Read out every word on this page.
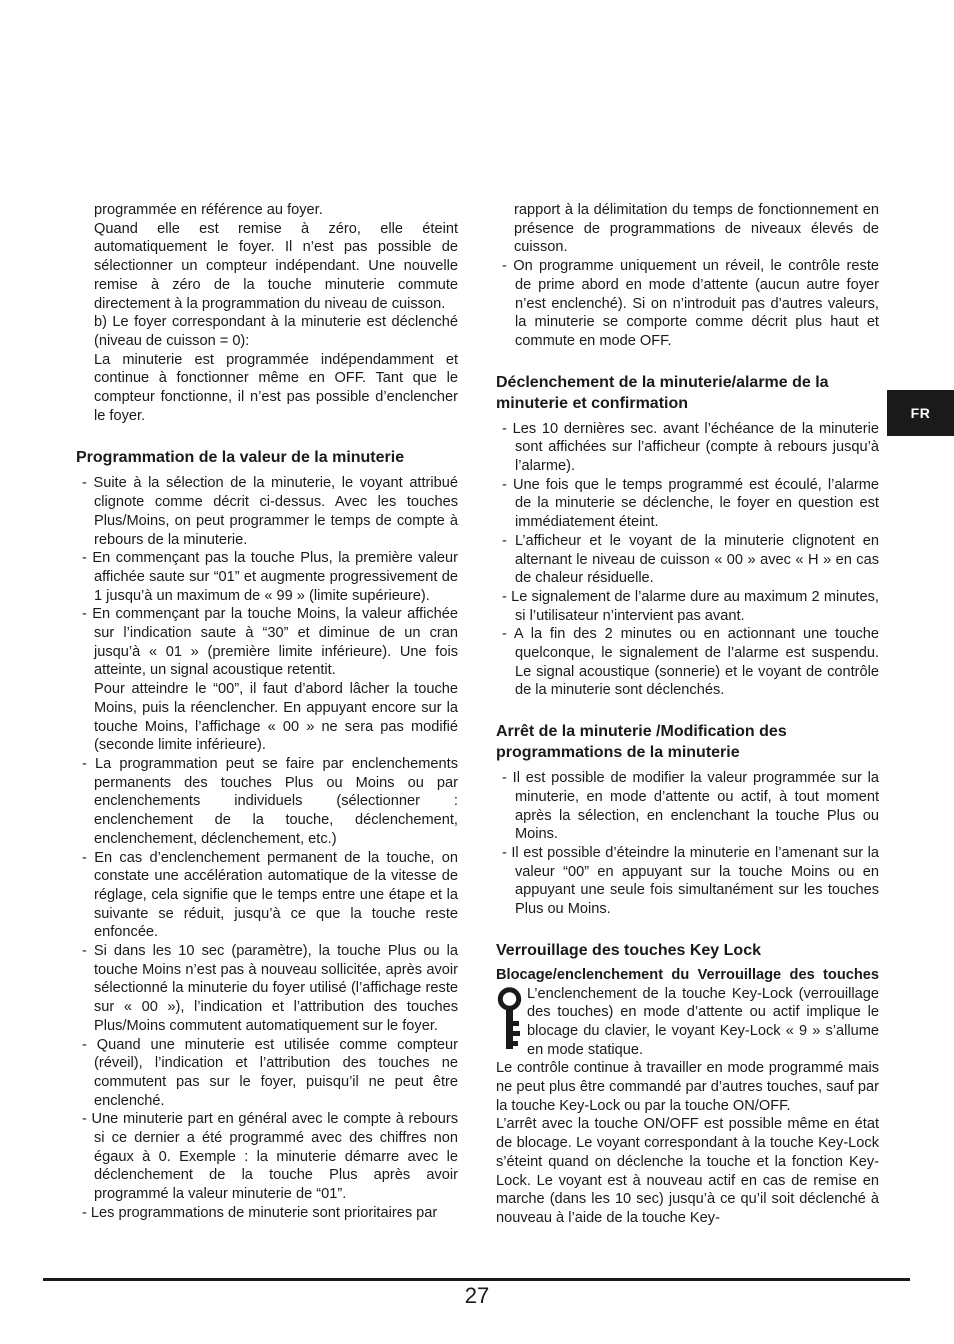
programmée en référence au foyer.

Quand elle est remise à zéro, elle éteint automatiquement le foyer. Il n’est pas possible de sélectionner un compteur indépendant. Une nouvelle remise à zéro de la touche minuterie commute directement à la programmation du niveau de cuisson.

b) Le foyer correspondant à la minuterie est déclenché (niveau de cuisson = 0):

La minuterie est programmée indépendamment et continue à fonctionner même en OFF. Tant que le compteur fonctionne, il n’est pas possible d’enclencher le foyer.

Programmation de la valeur de la minuterie

- Suite à la sélection de la minuterie, le voyant attribué clignote comme décrit ci-dessus. Avec les touches Plus/Moins, on peut programmer le temps de compte à rebours de la minuterie.

- En commençant pas la touche Plus, la première valeur affichée saute sur “01” et augmente progressivement de 1 jusqu’à un maximum de « 99 » (limite supérieure).

- En commençant par la touche Moins, la valeur affichée sur l’indication saute à “30” et diminue de un cran jusqu’à « 01 » (première limite inférieure). Une fois atteinte, un signal acoustique retentit.

Pour atteindre le “00”, il faut d’abord lâcher la touche Moins, puis la réenclencher. En appuyant encore sur la touche Moins, l’affichage « 00 » ne sera pas modifié (seconde limite inférieure).

- La programmation peut se faire par enclenchements permanents des touches Plus ou Moins ou par enclenchements individuels (sélectionner : enclenchement de la touche, déclenchement, enclenchement, déclenchement, etc.)

- En cas d’enclenchement permanent de la touche, on constate une accélération automatique de la vitesse de réglage, cela signifie que le temps entre une étape et la suivante se réduit, jusqu’à ce que la touche reste enfoncée.

- Si dans les 10 sec (paramètre), la touche Plus ou la touche Moins n’est pas à nouveau sollicitée, après avoir sélectionné la minuterie du foyer utilisé (l’affichage reste sur « 00 »), l’indication et l’attribution des touches Plus/Moins commutent automatiquement sur le foyer.

- Quand une minuterie est utilisée comme compteur (réveil), l’indication et l’attribution des touches ne commutent pas sur le foyer, puisqu’il ne peut être enclenché.

- Une minuterie part en général avec le compte à rebours si ce dernier a été programmé avec des chiffres non égaux à 0. Exemple : la minuterie démarre avec le déclenchement de la touche Plus après avoir programmé la valeur minuterie de “01”.

- Les programmations de minuterie sont prioritaires par

rapport à la délimitation du temps de fonctionnement en présence de programmations de niveaux élevés de cuisson.

- On programme uniquement un réveil, le contrôle reste de prime abord en mode d’attente (aucun autre foyer n’est enclenché). Si on n’introduit pas d’autres valeurs, la minuterie se comporte comme décrit plus haut et commute en mode OFF.

Déclenchement de la minuterie/alarme de la minuterie et confirmation

- Les 10 dernières sec. avant l’échéance de la minuterie sont affichées sur l’afficheur (compte à rebours jusqu’à l’alarme).

- Une fois que le temps programmé est écoulé, l’alarme de la minuterie se déclenche, le foyer en question est immédiatement éteint.

- L’afficheur et le voyant de la minuterie clignotent en alternant le niveau de cuisson « 00 » avec « H » en cas de chaleur résiduelle.

- Le signalement de l’alarme dure au maximum 2 minutes, si l’utilisateur n’intervient pas avant.

- A la fin des 2 minutes ou en actionnant une touche quelconque, le signalement de l’alarme est suspendu. Le signal acoustique (sonnerie) et le voyant de contrôle de la minuterie sont déclenchés.

Arrêt de la minuterie /Modification des programmations de la minuterie

- Il est possible de modifier la valeur programmée sur la minuterie, en mode d’attente ou actif, à tout moment après la sélection, en enclenchant la touche Plus ou Moins.

- Il est possible d’éteindre la minuterie en l’amenant sur la valeur “00” en appuyant sur la touche Moins ou en appuyant une seule fois simultanément sur les touches Plus ou Moins.

Verrouillage des touches Key Lock

Blocage/enclenchement du Verrouillage des touches

L’enclenchement de la touche Key-Lock (verrouillage des touches) en mode d’attente ou actif implique le blocage du clavier, le voyant Key-Lock « 9 » s’allume en mode statique.

Le contrôle continue à travailler en mode programmé mais ne peut plus être commandé par d’autres touches, sauf par la touche Key-Lock ou par la touche ON/OFF.

L’arrêt avec la touche ON/OFF est possible même en état de blocage. Le voyant correspondant à la touche Key-Lock s’éteint quand on déclenche la touche et la fonction Key-Lock. Le voyant est à nouveau actif en cas de remise en marche (dans les 10 sec) jusqu’à ce qu’il soit déclenché à nouveau à l’aide de la touche Key-

FR
27
